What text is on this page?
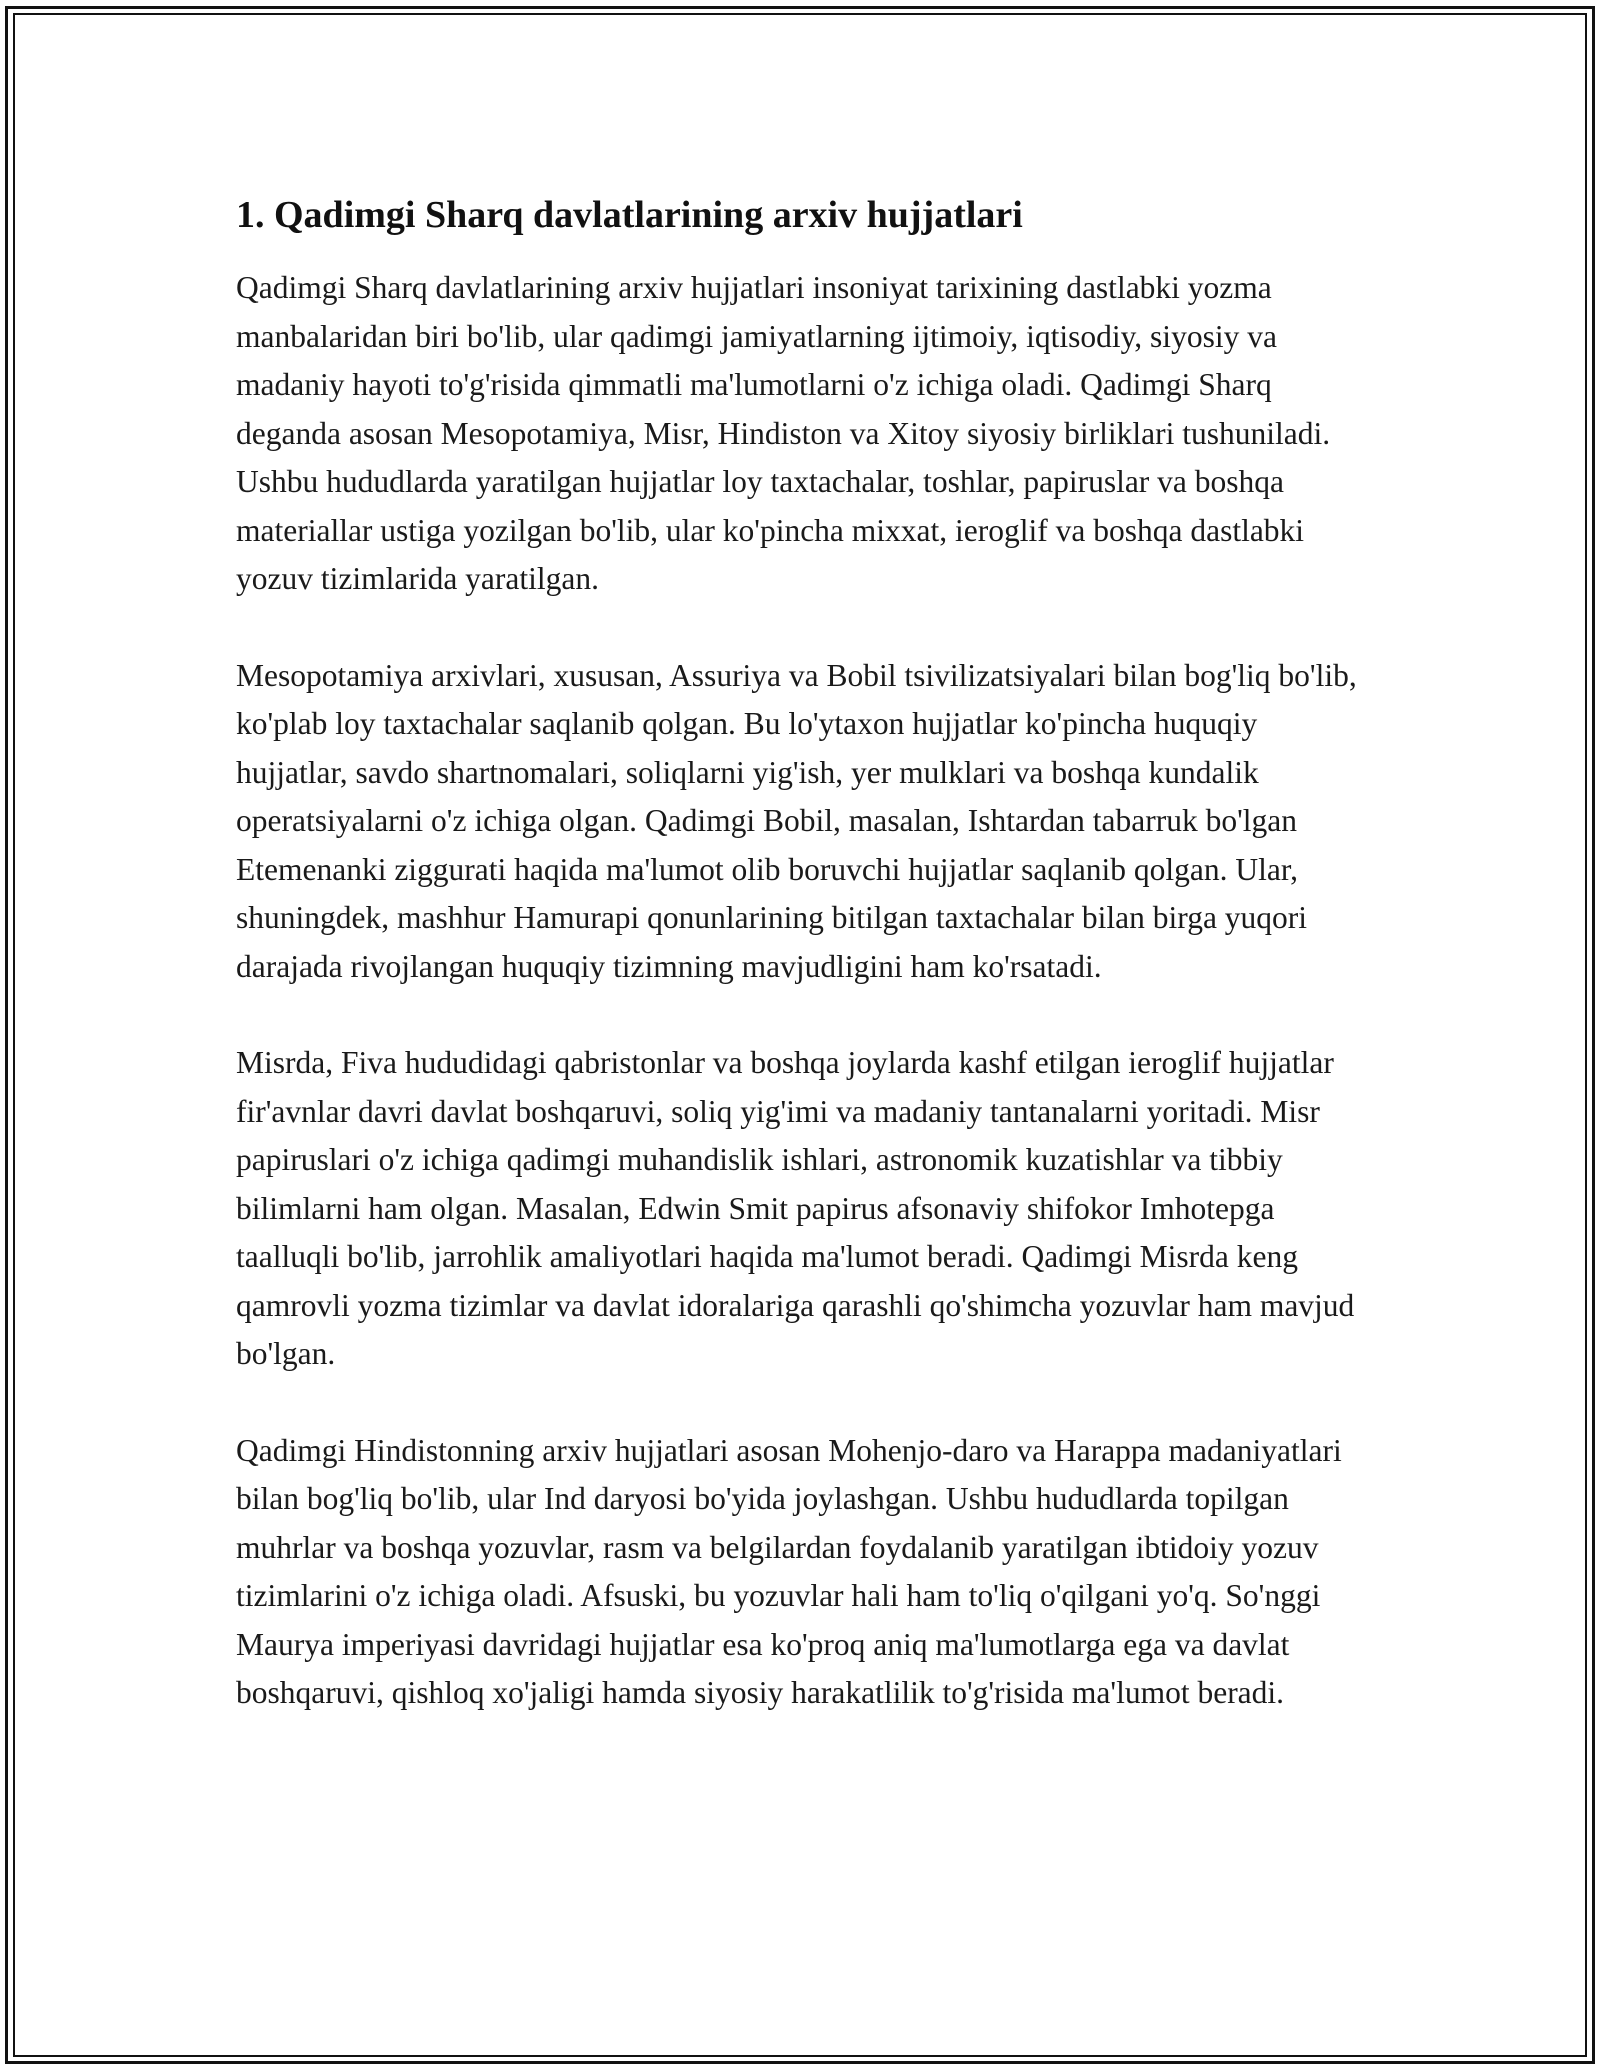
1. Qadimgi Sharq davlatlarining arxiv hujjatlari

Qadimgi Sharq davlatlarining arxiv hujjatlari insoniyat tarixining dastlabki yozma manbalaridan biri bo'lib, ular qadimgi jamiyatlarning ijtimoiy, iqtisodiy, siyosiy va madaniy hayoti to'g'risida qimmatli ma'lumotlarni o'z ichiga oladi. Qadimgi Sharq deganda asosan Mesopotamiya, Misr, Hindiston va Xitoy siyosiy birliklari tushuniladi. Ushbu hududlarda yaratilgan hujjatlar loy taxtachalar, toshlar, papiruslar va boshqa materiallar ustiga yozilgan bo'lib, ular ko'pincha mixxat, ieroglif va boshqa dastlabki yozuv tizimlarida yaratilgan.

Mesopotamiya arxivlari, xususan, Assuriya va Bobil tsivilizatsiyalari bilan bog'liq bo'lib, ko'plab loy taxtachalar saqlanib qolgan. Bu lo'ytaxon hujjatlar ko'pincha huquqiy hujjatlar, savdo shartnomalari, soliqlarni yig'ish, yer mulklari va boshqa kundalik operatsiyalarni o'z ichiga olgan. Qadimgi Bobil, masalan, Ishtardan tabarruk bo'lgan Etemenanki ziggurati haqida ma'lumot olib boruvchi hujjatlar saqlanib qolgan. Ular, shuningdek, mashhur Hamurapi qonunlarining bitilgan taxtachalar bilan birga yuqori darajada rivojlangan huquqiy tizimning mavjudligini ham ko'rsatadi.

Misrda, Fiva hududidagi qabristonlar va boshqa joylarda kashf etilgan ieroglif hujjatlar fir'avnlar davri davlat boshqaruvi, soliq yig'imi va madaniy tantanalarni yoritadi. Misr papiruslari o'z ichiga qadimgi muhandislik ishlari, astronomik kuzatishlar va tibbiy bilimlarni ham olgan. Masalan, Edwin Smit papirus afsonaviy shifokor Imhotepga taalluqli bo'lib, jarrohlik amaliyotlari haqida ma'lumot beradi. Qadimgi Misrda keng qamrovli yozma tizimlar va davlat idoralariga qarashli qo'shimcha yozuvlar ham mavjud bo'lgan.

Qadimgi Hindistonning arxiv hujjatlari asosan Mohenjo-daro va Harappa madaniyatlari bilan bog'liq bo'lib, ular Ind daryosi bo'yida joylashgan. Ushbu hududlarda topilgan muhrlar va boshqa yozuvlar, rasm va belgilardan foydalanib yaratilgan ibtidoiy yozuv tizimlarini o'z ichiga oladi. Afsuski, bu yozuvlar hali ham to'liq o'qilgani yo'q. So'nggi Maurya imperiyasi davridagi hujjatlar esa ko'proq aniq ma'lumotlarga ega va davlat boshqaruvi, qishloq xo'jaligi hamda siyosiy harakatlilik to'g'risida ma'lumot beradi.
